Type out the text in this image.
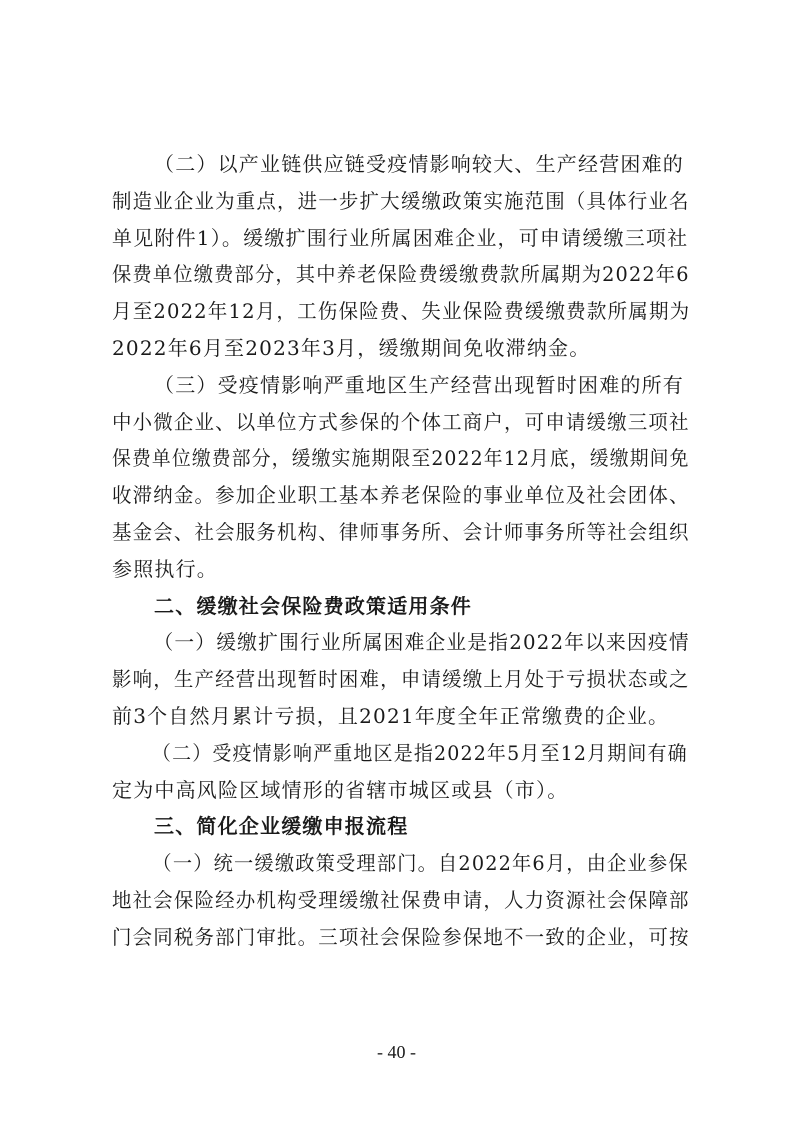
（二）以产业链供应链受疫情影响较大、生产经营困难的
制造业企业为重点，进一步扩大缓缴政策实施范围（具体行业名
单见附件1）。缓缴扩围行业所属困难企业，可申请缓缴三项社
保费单位缴费部分，其中养老保险费缓缴费款所属期为2022年6
月至2022年12月，工伤保险费、失业保险费缓缴费款所属期为
2022年6月至2023年3月，缓缴期间免收滞纳金。
（三）受疫情影响严重地区生产经营出现暂时困难的所有
中小微企业、以单位方式参保的个体工商户，可申请缓缴三项社
保费单位缴费部分，缓缴实施期限至2022年12月底，缓缴期间免
收滞纳金。参加企业职工基本养老保险的事业单位及社会团体、
基金会、社会服务机构、律师事务所、会计师事务所等社会组织
参照执行。
二、缓缴社会保险费政策适用条件
（一）缓缴扩围行业所属困难企业是指2022年以来因疫情
影响，生产经营出现暂时困难，申请缓缴上月处于亏损状态或之
前3个自然月累计亏损，且2021年度全年正常缴费的企业。
（二）受疫情影响严重地区是指2022年5月至12月期间有确
定为中高风险区域情形的省辖市城区或县（市）。
三、简化企业缓缴申报流程
（一）统一缓缴政策受理部门。自2022年6月，由企业参保
地社会保险经办机构受理缓缴社保费申请，人力资源社会保障部
门会同税务部门审批。三项社会保险参保地不一致的企业，可按
- 40 -
